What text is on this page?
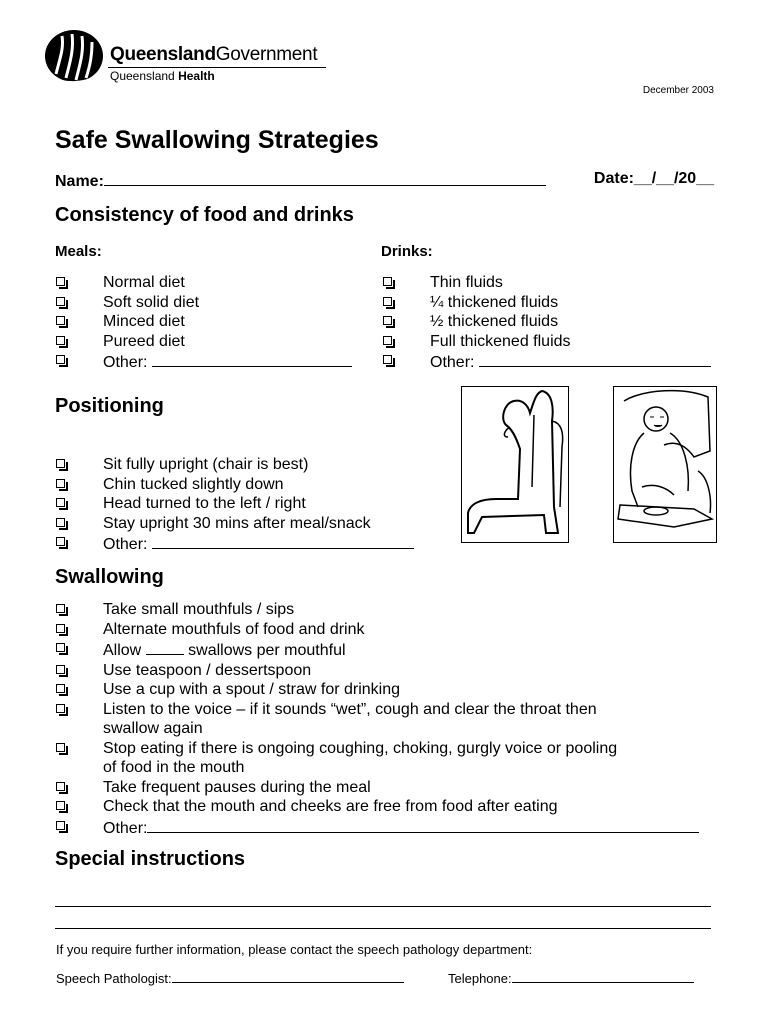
QueenslandGovernment
Queensland Health
December 2003
Safe Swallowing Strategies
Name:	Date:__/__/20__
Consistency of food and drinks
Meals:	Drinks:
Normal diet
Soft solid diet
Minced diet
Pureed diet
Other:
Thin fluids
¼ thickened fluids
½ thickened fluids
Full thickened fluids
Other:
Positioning
Sit fully upright (chair is best)
Chin tucked slightly down
Head turned to the left / right
Stay upright 30 mins after meal/snack
Other:
Swallowing
Take small mouthfuls / sips
Alternate mouthfuls of food and drink
Allow	swallows per mouthful
Use teaspoon / dessertspoon
Use a cup with a spout / straw for drinking
Listen to the voice – if it sounds “wet”, cough and clear the throat then
swallow again
Stop eating if there is ongoing coughing, choking, gurgly voice or pooling
of food in the mouth
Take frequent pauses during the meal
Check that the mouth and cheeks are free from food after eating
Other:
Special instructions
If you require further information, please contact the speech pathology department:
Speech Pathologist:	Telephone:
